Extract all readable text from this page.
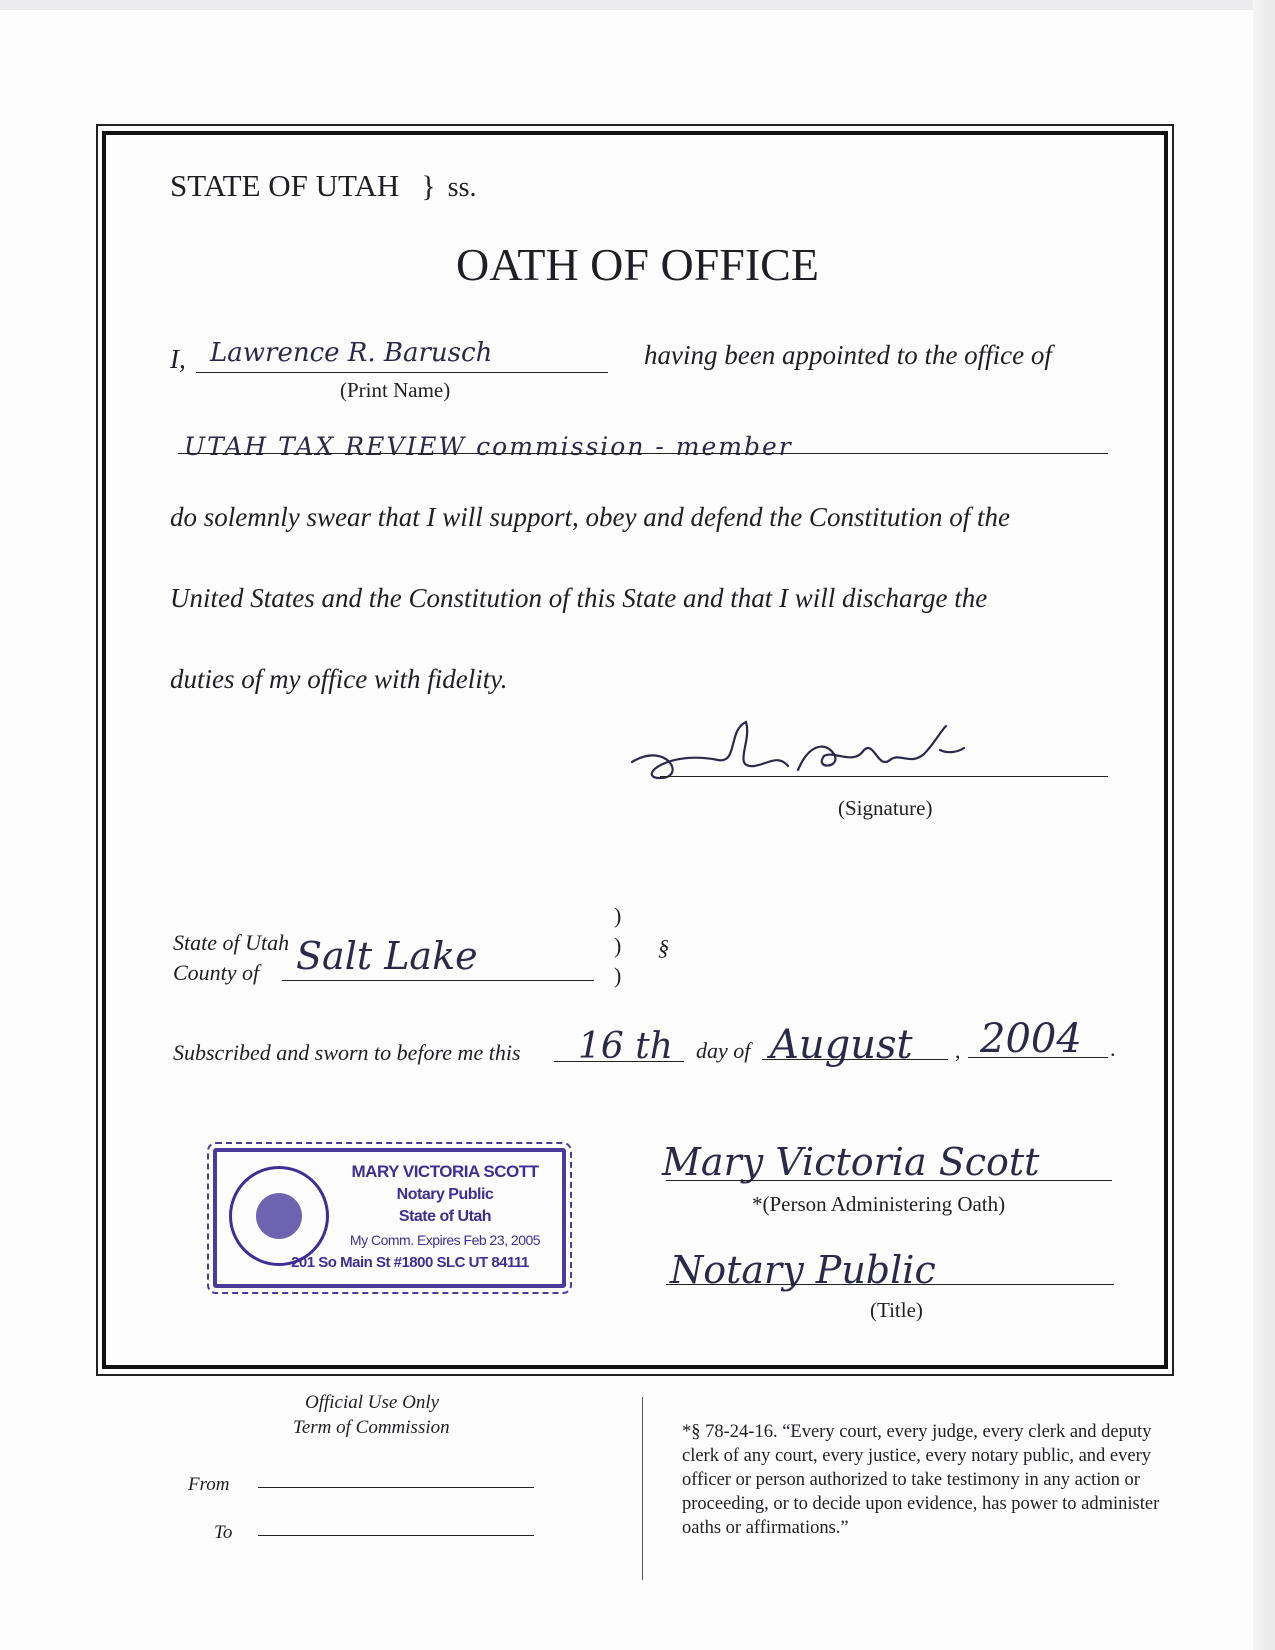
STATE OF UTAH } ss.
OATH OF OFFICE
I, Lawrence R. Barusch
(Print Name)
having been appointed to the office of
UTAH TAX REVIEW commission - member
do solemnly swear that I will support, obey and defend the Constitution of the
United States and the Constitution of this State and that I will discharge the
duties of my office with fidelity.
(Signature)
State of Utah
County of Salt Lake
)
)
)
§
Subscribed and sworn to before me this 16 th day of August , 2004 .
MARY VICTORIA SCOTT
Notary Public
State of Utah
My Comm. Expires Feb 23, 2005
201 So Main St #1800 SLC UT 84111
Mary Victoria Scott
*(Person Administering Oath)
Notary Public
(Title)
Official Use Only
Term of Commission
From
To
*§ 78-24-16. “Every court, every judge, every clerk and deputy clerk of any court, every justice, every notary public, and every officer or person authorized to take testimony in any action or proceeding, or to decide upon evidence, has power to administer oaths or affirmations.”
